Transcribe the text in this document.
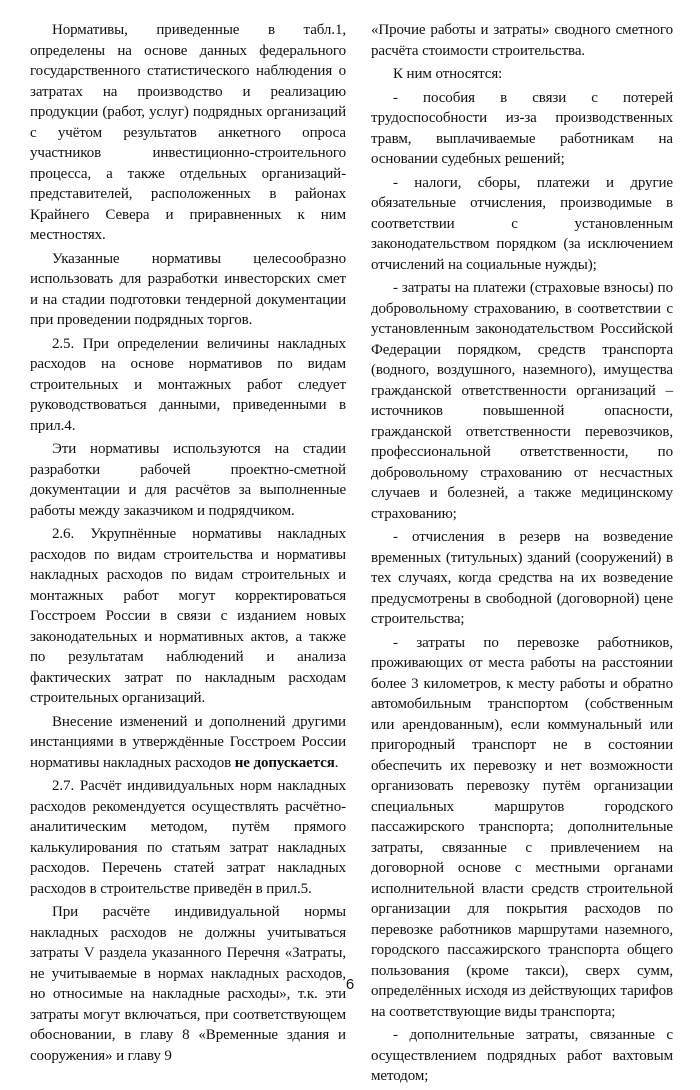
Нормативы, приведенные в табл.1, определены на основе данных федерального государственного статистического наблюдения о затратах на производство и реализацию продукции (работ, услуг) подрядных организаций с учётом результатов анкетного опроса участников инвестиционно-строительного процесса, а также отдельных организаций-представителей, расположенных в районах Крайнего Севера и приравненных к ним местностях.

Указанные нормативы целесообразно использовать для разработки инвесторских смет и на стадии подготовки тендерной документации при проведении подрядных торгов.

2.5. При определении величины накладных расходов на основе нормативов по видам строительных и монтажных работ следует руководствоваться данными, приведенными в прил.4.

Эти нормативы используются на стадии разработки рабочей проектно-сметной документации и для расчётов за выполненные работы между заказчиком и подрядчиком.

2.6. Укрупнённые нормативы накладных расходов по видам строительства и нормативы накладных расходов по видам строительных и монтажных работ могут корректироваться Госстроем России в связи с изданием новых законодательных и нормативных актов, а также по результатам наблюдений и анализа фактических затрат по накладным расходам строительных организаций.

Внесение изменений и дополнений другими инстанциями в утверждённые Госстроем России нормативы накладных расходов не допускается.

2.7. Расчёт индивидуальных норм накладных расходов рекомендуется осуществлять расчётно-аналитическим методом, путём прямого калькулирования по статьям затрат накладных расходов. Перечень статей затрат накладных расходов в строительстве приведён в прил.5.

При расчёте индивидуальной нормы накладных расходов не должны учитываться затраты V раздела указанного Перечня «Затраты, не учитываемые в нормах накладных расходов, но относимые на накладные расходы», т.к. эти затраты могут включаться, при соответствующем обосновании, в главу 8 «Временные здания и сооружения» и главу 9

«Прочие работы и затраты» сводного сметного расчёта стоимости строительства.

К ним относятся:

- пособия в связи с потерей трудоспособности из-за производственных травм, выплачиваемые работникам на основании судебных решений;

- налоги, сборы, платежи и другие обязательные отчисления, производимые в соответствии с установленным законодательством порядком (за исключением отчислений на социальные нужды);

- затраты на платежи (страховые взносы) по добровольному страхованию, в соответствии с установленным законодательством Российской Федерации порядком, средств транспорта (водного, воздушного, наземного), имущества гражданской ответственности организаций – источников повышенной опасности, гражданской ответственности перевозчиков, профессиональной ответственности, по добровольному страхованию от несчастных случаев и болезней, а также медицинскому страхованию;

- отчисления в резерв на возведение временных (титульных) зданий (сооружений) в тех случаях, когда средства на их возведение предусмотрены в свободной (договорной) цене строительства;

- затраты по перевозке работников, проживающих от места работы на расстоянии более 3 километров, к месту работы и обратно автомобильным транспортом (собственным или арендованным), если коммунальный или пригородный транспорт не в состоянии обеспечить их перевозку и нет возможности организовать перевозку путём организации специальных маршрутов городского пассажирского транспорта; дополнительные затраты, связанные с привлечением на договорной основе с местными органами исполнительной власти средств строительной организации для покрытия расходов по перевозке работников маршрутами наземного, городского пассажирского транспорта общего пользования (кроме такси), сверх сумм, определённых исходя из действующих тарифов на соответствующие виды транспорта;

- дополнительные затраты, связанные с осуществлением подрядных работ вахтовым методом;

6
